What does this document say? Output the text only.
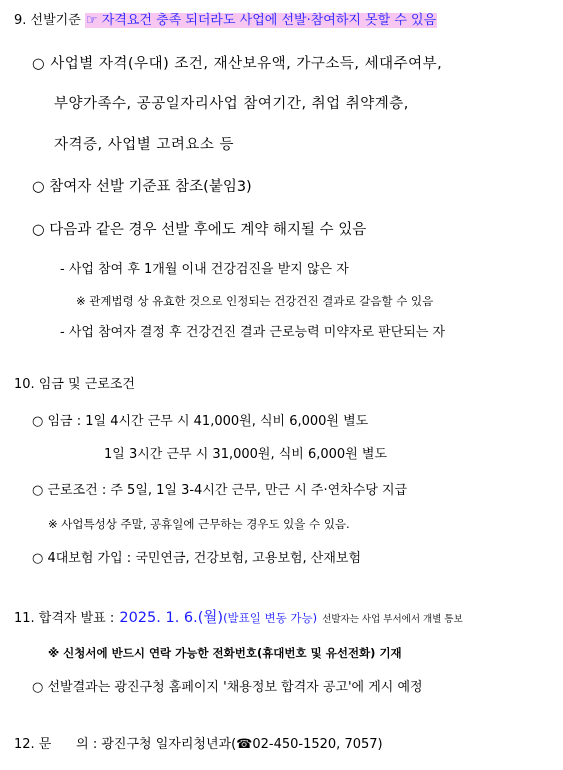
9. 선발기준 ☞ 자격요건 충족 되더라도 사업에 선발·참여하지 못할 수 있음
○ 사업별 자격(우대) 조건, 재산보유액, 가구소득, 세대주여부,
부양가족수, 공공일자리사업 참여기간, 취업 취약계층,
자격증, 사업별 고려요소 등
○ 참여자 선발 기준표 참조(붙임3)
○ 다음과 같은 경우 선발 후에도 계약 해지될 수 있음
- 사업 참여 후 1개월 이내 건강검진을 받지 않은 자
※ 관계법령 상 유효한 것으로 인정되는 건강건진 결과로 갈음할 수 있음
- 사업 참여자 결정 후 건강건진 결과 근로능력 미약자로 판단되는 자
10. 임금 및 근로조건
○ 임금 : 1일 4시간 근무 시 41,000원, 식비 6,000원 별도
1일 3시간 근무 시 31,000원, 식비 6,000원 별도
○ 근로조건 : 주 5일, 1일 3-4시간 근무, 만근 시 주·연차수당 지급
※ 사업특성상 주말, 공휴일에 근무하는 경우도 있을 수 있음.
○ 4대보험 가입 : 국민연금, 건강보험, 고용보험, 산재보험
11. 합격자 발표 : 2025. 1. 6.(월)(발표일 변동 가능) 선발자는 사업 부서에서 개별 통보
※ 신청서에 반드시 연락 가능한 전화번호(휴대번호 및 유선전화) 기재
○ 선발결과는 광진구청 홈페이지 '채용정보 합격자 공고'에 게시 예정
12. 문      의 : 광진구청 일자리청년과(☎02-450-1520, 7057)
